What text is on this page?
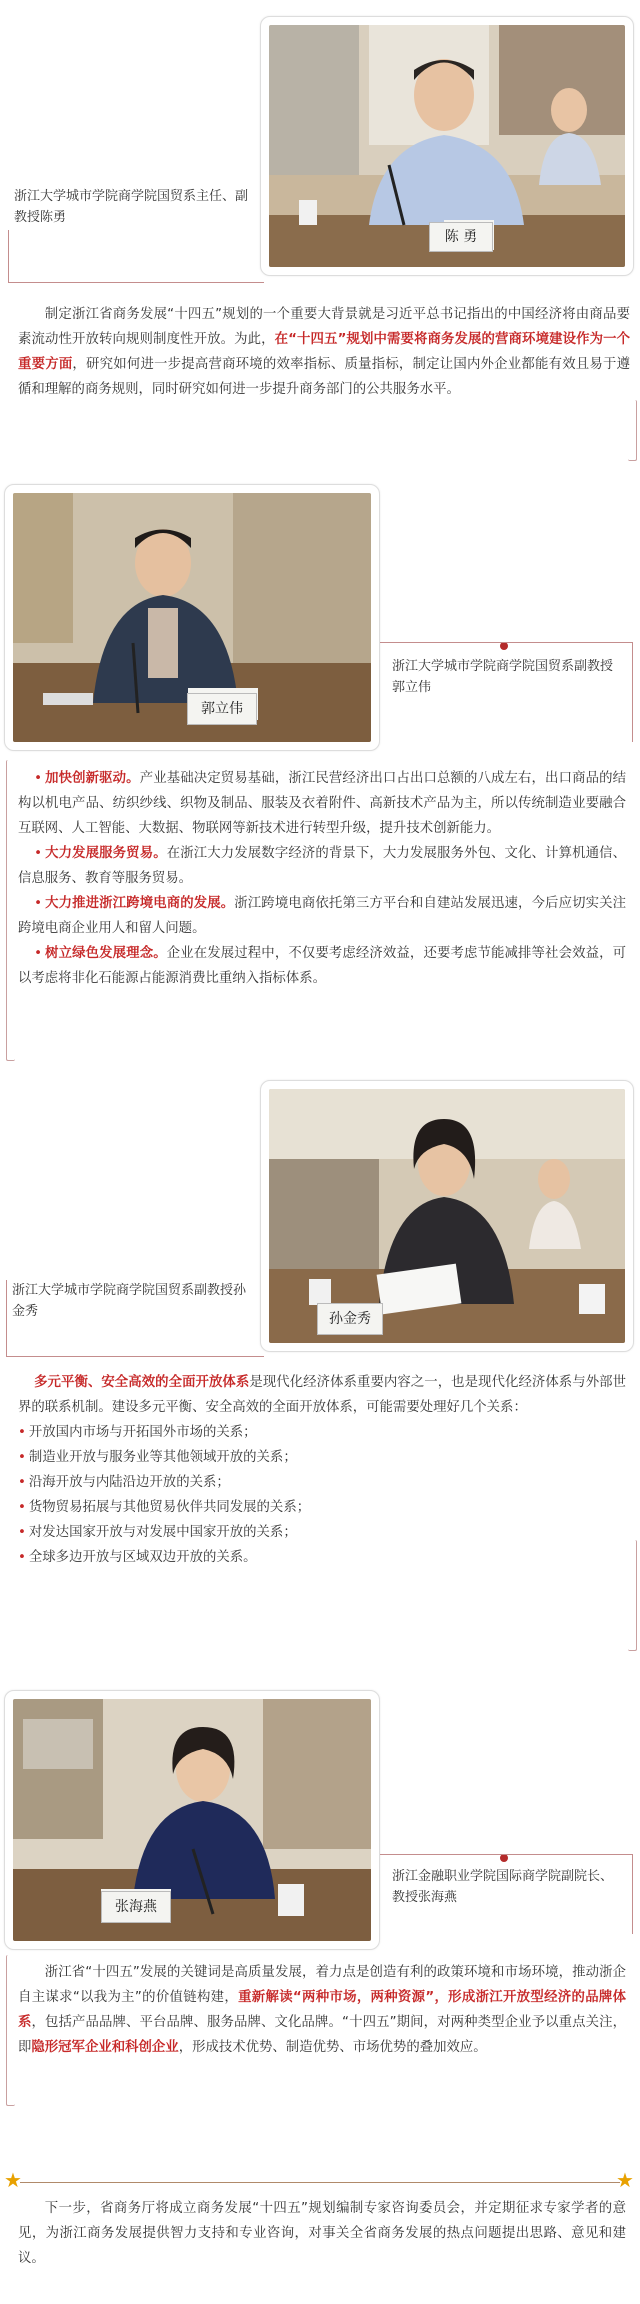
陈 勇
浙江大学城市学院商学院国贸系主任、副教授陈勇

制定浙江省商务发展“十四五”规划的一个重要大背景就是习近平总书记指出的中国经济将由商品要素流动性开放转向规则制度性开放。为此，在“十四五”规划中需要将商务发展的营商环境建设作为一个重要方面，研究如何进一步提高营商环境的效率指标、质量指标，制定让国内外企业都能有效且易于遵循和理解的商务规则，同时研究如何进一步提升商务部门的公共服务水平。

郭立伟
浙江大学城市学院商学院国贸系副教授郭立伟

• 加快创新驱动。产业基础决定贸易基础，浙江民营经济出口占出口总额的八成左右，出口商品的结构以机电产品、纺织纱线、织物及制品、服装及衣着附件、高新技术产品为主，所以传统制造业要融合互联网、人工智能、大数据、物联网等新技术进行转型升级，提升技术创新能力。

• 大力发展服务贸易。在浙江大力发展数字经济的背景下，大力发展服务外包、文化、计算机通信、信息服务、教育等服务贸易。

• 大力推进浙江跨境电商的发展。浙江跨境电商依托第三方平台和自建站发展迅速，今后应切实关注跨境电商企业用人和留人问题。

• 树立绿色发展理念。企业在发展过程中，不仅要考虑经济效益，还要考虑节能减排等社会效益，可以考虑将非化石能源占能源消费比重纳入指标体系。

孙金秀
浙江大学城市学院商学院国贸系副教授孙金秀

多元平衡、安全高效的全面开放体系是现代化经济体系重要内容之一，也是现代化经济体系与外部世界的联系机制。建设多元平衡、安全高效的全面开放体系，可能需要处理好几个关系：

• 开放国内市场与开拓国外市场的关系；
• 制造业开放与服务业等其他领域开放的关系；
• 沿海开放与内陆沿边开放的关系；
• 货物贸易拓展与其他贸易伙伴共同发展的关系；
• 对发达国家开放与对发展中国家开放的关系；
• 全球多边开放与区域双边开放的关系。
张海燕
浙江金融职业学院国际商学院副院长、教授张海燕

浙江省“十四五”发展的关键词是高质量发展，着力点是创造有利的政策环境和市场环境，推动浙企自主谋求“以我为主”的价值链构建，重新解读“两种市场，两种资源”，形成浙江开放型经济的品牌体系，包括产品品牌、平台品牌、服务品牌、文化品牌。“十四五”期间，对两种类型企业予以重点关注，即隐形冠军企业和科创企业，形成技术优势、制造优势、市场优势的叠加效应。

★	★

下一步，省商务厅将成立商务发展“十四五”规划编制专家咨询委员会，并定期征求专家学者的意见，为浙江商务发展提供智力支持和专业咨询，对事关全省商务发展的热点问题提出思路、意见和建议。
